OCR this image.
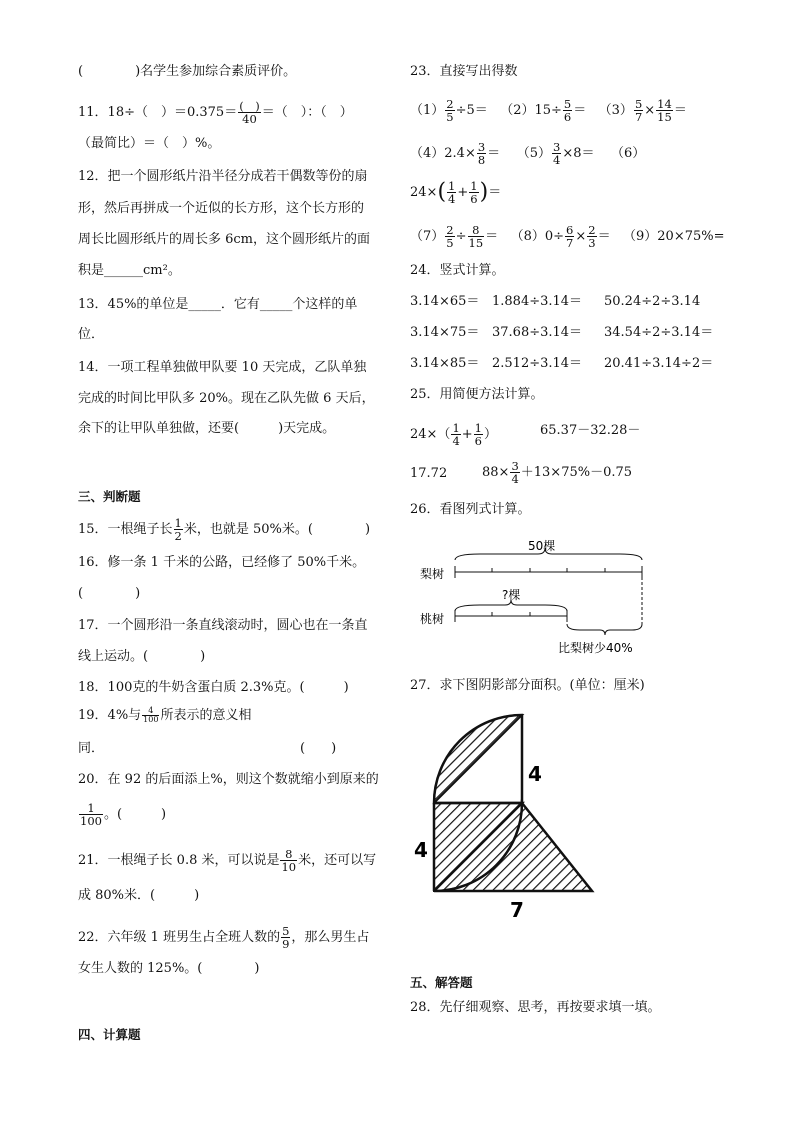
(　　　　)名学生参加综合素质评价。
11．18÷（　）$=0.375= \frac{( )}{40}$ ＝（　）：（　）
（最简比）＝（　）%。
12．把一个圆形纸片沿半径分成若干偶数等份的扇
形，然后再拼成一个近似的长方形，这个长方形的
周长比圆形纸片的周长多 6cm，这个圆形纸片的面
积是______cm²。
13．45%的单位是_____．它有_____个这样的单
位．
14．一项工程单独做甲队要 10 天完成，乙队单独
完成的时间比甲队多 20%。现在乙队先做 6 天后，
余下的让甲队单独做，还要(　　　)天完成。
三、判断题
15．一根绳子长 $\frac{1}{2}$ 米，也就是 50%米。(　　　　)
16．修一条 1 千米的公路，已经修了 50%千米。
(　　　　)
17．一个圆形沿一条直线滚动时，圆心也在一条直
线上运动。(　　　　)
18．100克的牛奶含蛋白质 2.3%克。(　　　)
19．4%与 $\frac{4}{100}$ 所表示的意义相
同．	(　　)
20．在 92 的后面添上%，则这个数就缩小到原来的
$\frac{1}{100}$ 。(　　　)
21．一根绳子长 0.8 米，可以说是 $\frac{8}{10}$ 米，还可以写
成 80%米．(　　　)
22．六年级 1 班男生占全班人数的 $\frac{5}{9}$ ，那么男生占
女生人数的 125%。(　　　　)
四、计算题
23．直接写出得数
$(1) \frac{2}{5} \div 5= (2)15\div \frac{5}{6} = (3) \frac{5}{7} \times \frac{14}{15}$ ＝
$(4)2.4\times \frac{3}{8} = (5) \frac{3}{4} \times 8= (6)$
$24\times( \frac{1}{4} + \frac{1}{6}$ )＝
$(7) \frac{2}{5} \div \frac{8}{15} = (8)0\div \frac{6}{7} \times \frac{2}{3} = (9)20\times 75\%=$
24．竖式计算。
3.14×65＝ 1.884÷3.14＝ 50.24÷2÷3.14
3.14×75＝ 37.68÷3.14＝ 34.54÷2÷3.14＝
3.14×85＝ 2.512÷3.14＝ 20.41÷3.14÷2＝
25．用简便方法计算。
$24\times( \frac{1}{4} + \frac{1}{6}$ ）	65.37－32.28－
17.72	$88\times \frac{3}{4} +13\times 75\%-0.75$
26．看图列式计算。
50棵
梨树
?棵
桃树
比梨树少40%
27．求下图阴影部分面积。(单位：厘米)
4
4
7
五、解答题
28．先仔细观察、思考，再按要求填一填。
